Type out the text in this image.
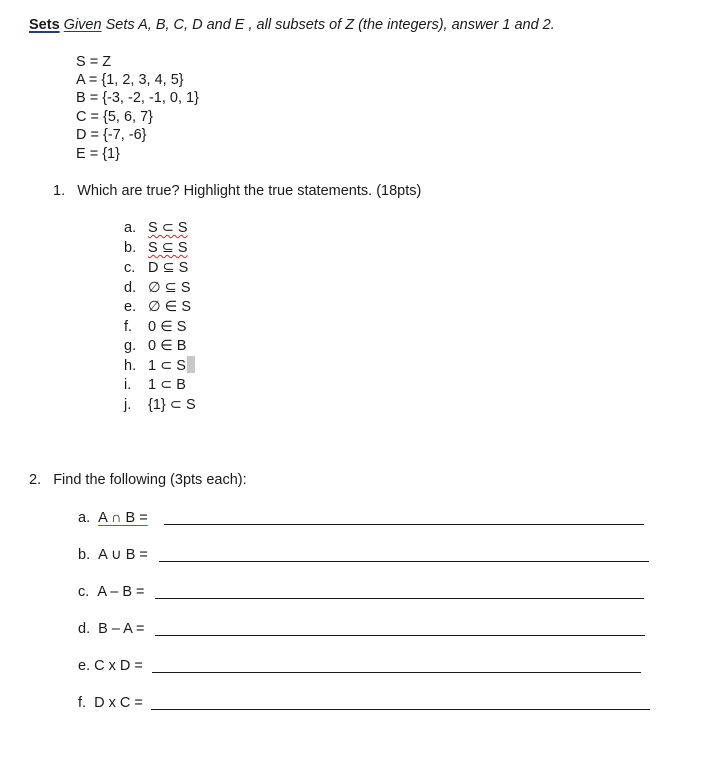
Sets Given Sets A, B, C, D and E , all subsets of Z (the integers), answer 1 and 2.
S = Z
A = {1, 2, 3, 4, 5}
B = {-3, -2, -1, 0, 1}
C = {5, 6, 7}
D = {-7, -6}
E = {1}
1. Which are true? Highlight the true statements. (18pts)
a. S ⊂ S
b. S ⊆ S
c. D ⊆ S
d. ∅ ⊆ S
e. ∅ ∈ S
f. 0 ∈ S
g. 0 ∈ B
h. 1 ⊂ S
i. 1 ⊂ B
j. {1} ⊂ S
2. Find the following (3pts each):
a. A ∩ B =
b. A ∪ B =
c. A – B =
d. B – A =
e. C x D =
f. D x C =
